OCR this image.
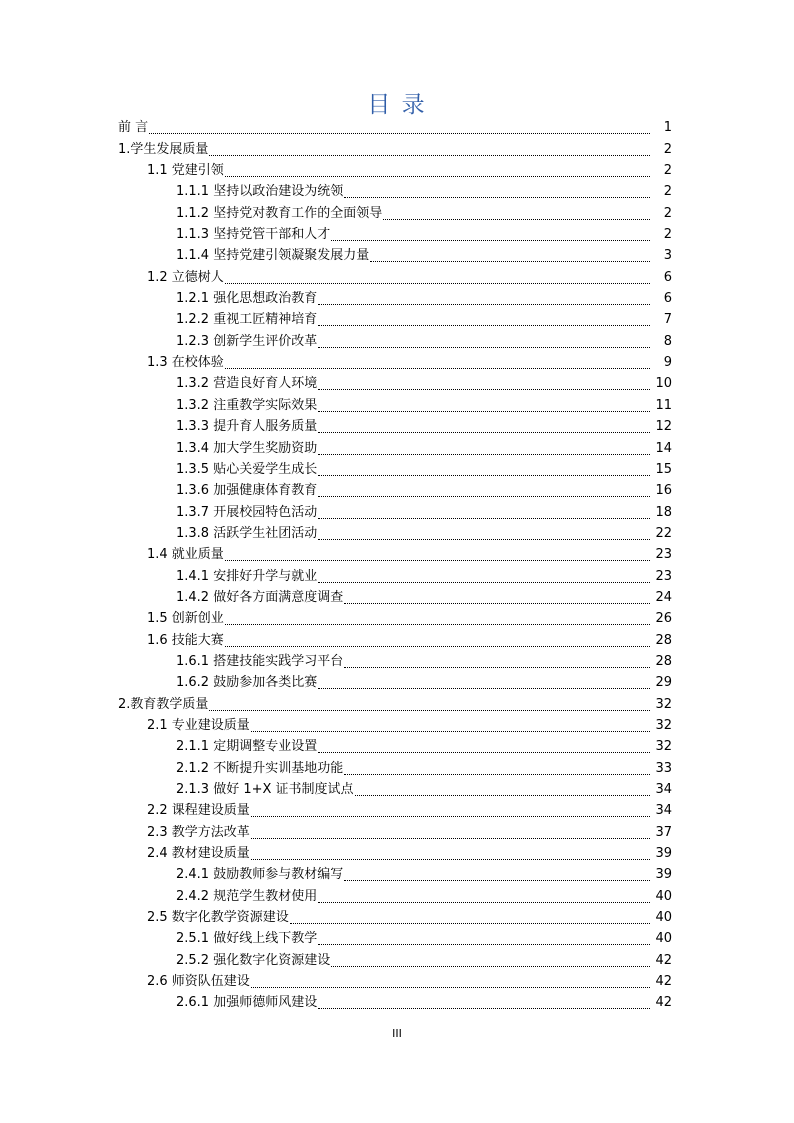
目 录
前 言	1
1.学生发展质量	2
1.1 党建引领	2
1.1.1 坚持以政治建设为统领	2
1.1.2 坚持党对教育工作的全面领导	2
1.1.3 坚持党管干部和人才	2
1.1.4 坚持党建引领凝聚发展力量	3
1.2 立德树人	6
1.2.1 强化思想政治教育	6
1.2.2 重视工匠精神培育	7
1.2.3 创新学生评价改革	8
1.3 在校体验	9
1.3.2 营造良好育人环境	10
1.3.2 注重教学实际效果	11
1.3.3 提升育人服务质量	12
1.3.4 加大学生奖励资助	14
1.3.5 贴心关爱学生成长	15
1.3.6 加强健康体育教育	16
1.3.7 开展校园特色活动	18
1.3.8 活跃学生社团活动	22
1.4 就业质量	23
1.4.1 安排好升学与就业	23
1.4.2 做好各方面满意度调查	24
1.5 创新创业	26
1.6 技能大赛	28
1.6.1 搭建技能实践学习平台	28
1.6.2 鼓励参加各类比赛	29
2.教育教学质量	32
2.1 专业建设质量	32
2.1.1 定期调整专业设置	32
2.1.2 不断提升实训基地功能	33
2.1.3 做好 1+X 证书制度试点	34
2.2 课程建设质量	34
2.3 教学方法改革	37
2.4 教材建设质量	39
2.4.1 鼓励教师参与教材编写	39
2.4.2 规范学生教材使用	40
2.5 数字化教学资源建设	40
2.5.1 做好线上线下教学	40
2.5.2 强化数字化资源建设	42
2.6 师资队伍建设	42
2.6.1 加强师德师风建设	42
III
